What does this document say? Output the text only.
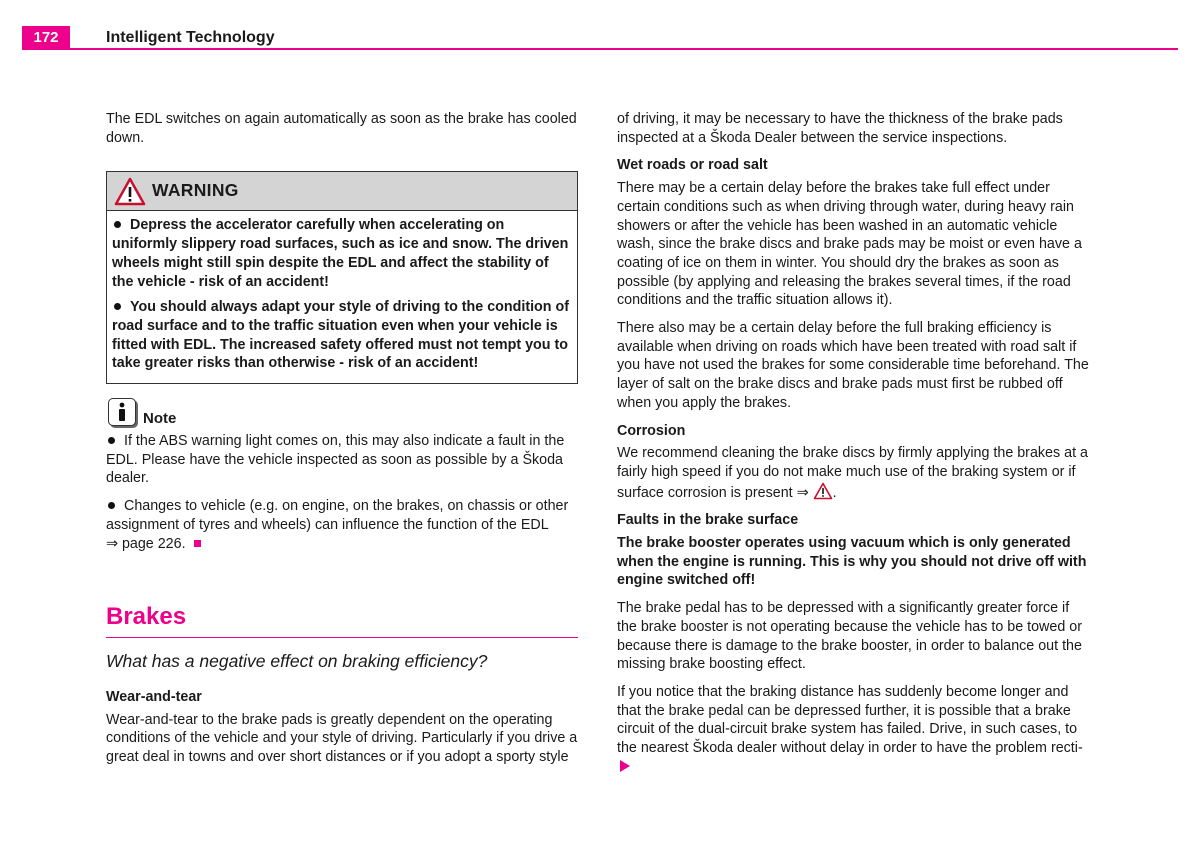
172	Intelligent Technology

The EDL switches on again automatically as soon as the brake has cooled down.

WARNING

Depress the accelerator carefully when accelerating on uniformly slippery road surfaces, such as ice and snow. The driven wheels might still spin despite the EDL and affect the stability of the vehicle - risk of an accident!

You should always adapt your style of driving to the condition of road surface and to the traffic situation even when your vehicle is fitted with EDL. The increased safety offered must not tempt you to take greater risks than otherwise - risk of an accident!

Note

If the ABS warning light comes on, this may also indicate a fault in the EDL. Please have the vehicle inspected as soon as possible by a Škoda dealer.

Changes to vehicle (e.g. on engine, on the brakes, on chassis or other assignment of tyres and wheels) can influence the function of the EDL
⇒ page 226.

Brakes
What has a negative effect on braking efficiency?
Wear-and-tear

Wear-and-tear to the brake pads is greatly dependent on the operating conditions of the vehicle and your style of driving. Particularly if you drive a great deal in towns and over short distances or if you adopt a sporty style

of driving, it may be necessary to have the thickness of the brake pads inspected at a Škoda Dealer between the service inspections.

Wet roads or road salt

There may be a certain delay before the brakes take full effect under certain conditions such as when driving through water, during heavy rain showers or after the vehicle has been washed in an automatic vehicle wash, since the brake discs and brake pads may be moist or even have a coating of ice on them in winter. You should dry the brakes as soon as possible (by applying and releasing the brakes several times, if the road conditions and the traffic situation allows it).

There also may be a certain delay before the full braking efficiency is available when driving on roads which have been treated with road salt if you have not used the brakes for some considerable time beforehand. The layer of salt on the brake discs and brake pads must first be rubbed off when you apply the brakes.

Corrosion

We recommend cleaning the brake discs by firmly applying the brakes at a fairly high speed if you do not make much use of the braking system or if surface corrosion is present ⇒ .

Faults in the brake surface

The brake booster operates using vacuum which is only generated when the engine is running. This is why you should not drive off with engine switched off!

The brake pedal has to be depressed with a significantly greater force if the brake booster is not operating because the vehicle has to be towed or because there is damage to the brake booster, in order to balance out the missing brake boosting effect.

If you notice that the braking distance has suddenly become longer and that the brake pedal can be depressed further, it is possible that a brake circuit of the dual-circuit brake system has failed. Drive, in such cases, to the nearest Škoda dealer without delay in order to have the problem recti-
